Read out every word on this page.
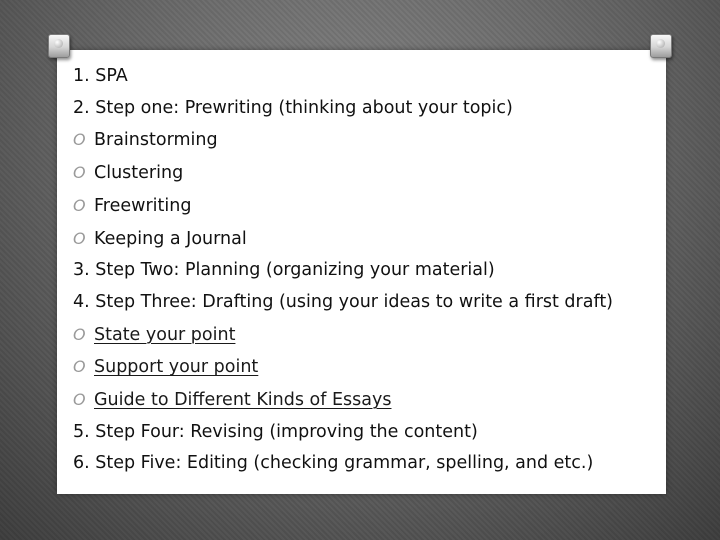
1. SPA
2. Step one: Prewriting (thinking about your topic)
O Brainstorming
O Clustering
O Freewriting
O Keeping a Journal
3. Step Two: Planning (organizing your material)
4. Step Three: Drafting (using your ideas to write a first draft)
O State your point
O Support your point
O Guide to Different Kinds of Essays
5. Step Four: Revising (improving the content)
6. Step Five: Editing (checking grammar, spelling, and etc.)
